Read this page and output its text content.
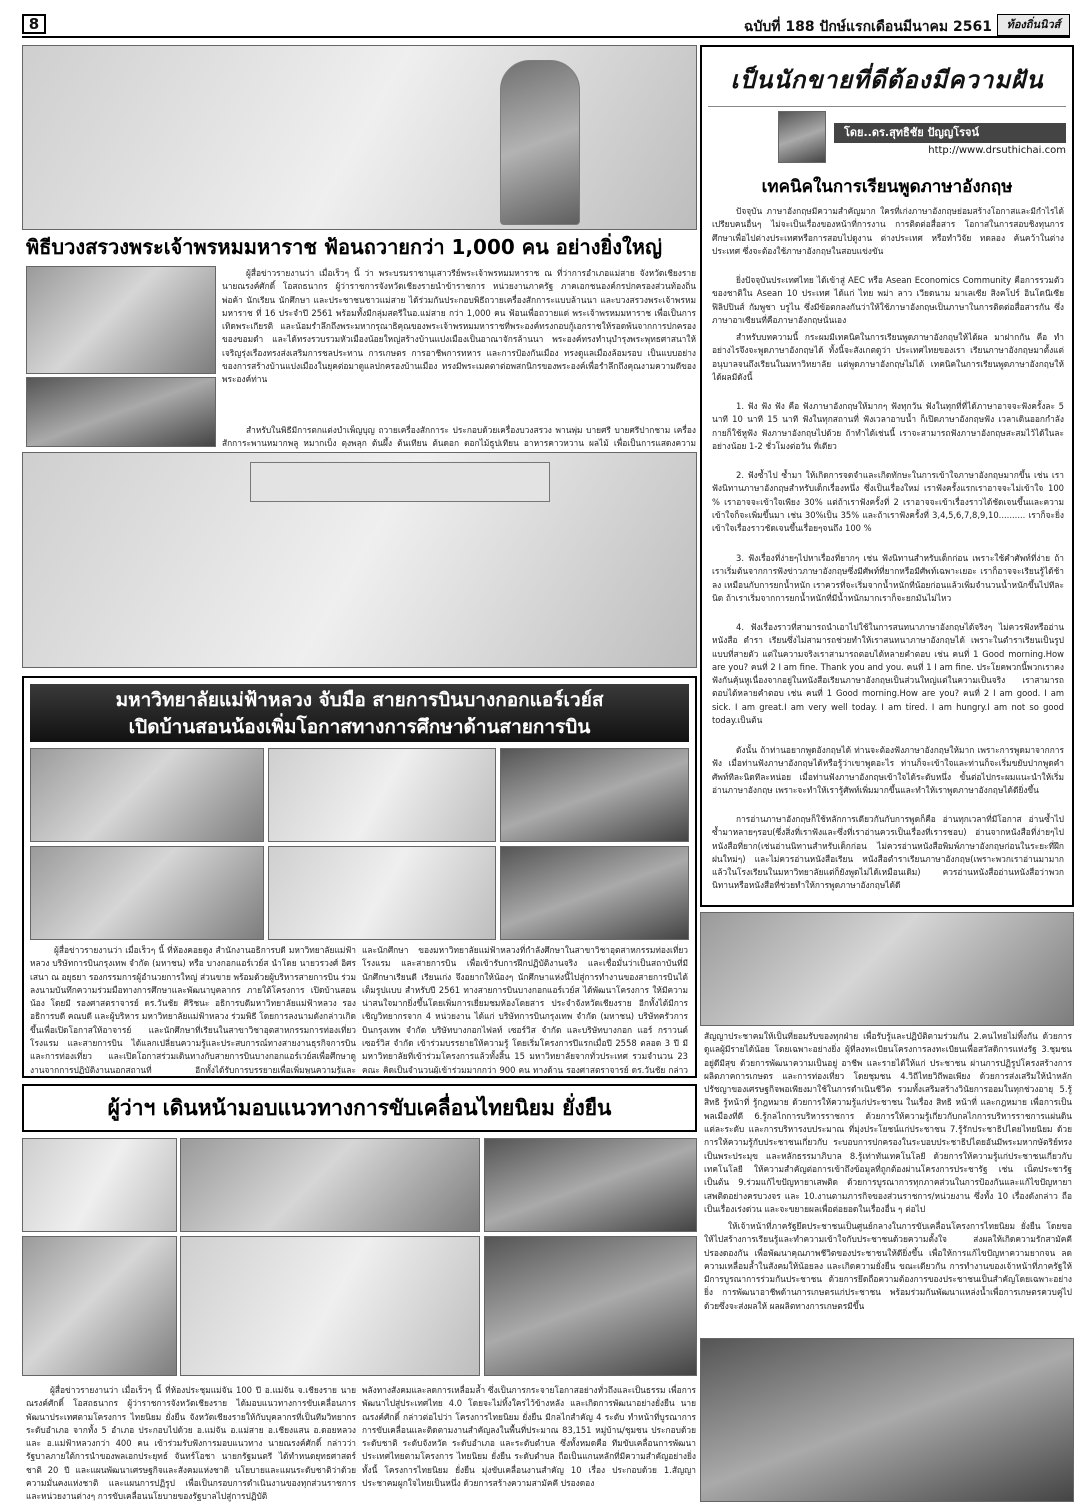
8	ฉบับที่ 188 ปักษ์แรกเดือนมีนาคม 2561	ท้องถิ่นนิวส์
พิธีบวงสรวงพระเจ้าพรหมมหาราช ฟ้อนถวายกว่า 1,000 คน อย่างยิ่งใหญ่
ผู้สื่อข่าวรายงานว่า เมื่อเร็วๆ นี้ ว่า พระบรมราชานุเสาวรีย์พระเจ้าพรหมมหาราช ณ ที่ว่าการอำเภอแม่สาย จังหวัดเชียงราย นายณรงค์ศักดิ์ โอสถธนากร ผู้ว่าราชการจังหวัดเชียงรายนำข้าราชการ หน่วยงานภาครัฐ ภาคเอกชนองค์กรปกครองส่วนท้องถิ่น พ่อค้า นักเรียน นักศึกษา และประชาชนชาวแม่สาย ได้ร่วมกันประกอบพิธีถวายเครื่องสักการะแบบล้านนา และบวงสรวงพระเจ้าพรหมมหาราช ที่ 16 ประจำปี 2561 พร้อมทั้งมีกลุ่มสตรีในอ.แม่สาย กว่า 1,000 คน ฟ้อนเพื่อถวายแด่ พระเจ้าพรหมมหาราช เพื่อเป็นการเทิดพระเกียรติ และน้อมรำลึกถึงพระมหากรุณาธิคุณของพระเจ้าพรหมมหาราชที่พระองค์ทรงกอบกู้เอกราชให้รอดพ้นจากการปกครองของขอมดำ และได้ทรงรวบรวมหัวเมืองน้อยใหญ่สร้างบ้านแปงเมืองเป็นอาณาจักรล้านนา พระองค์ทรงทำนุบำรุงพระพุทธศาสนาให้เจริญรุ่งเรืองทรงส่งเสริมการชลประทาน การเกษตร การอาชีพการทหาร และการป้องกันเมือง ทรงดูแลเมืองล้อมรอบ เป็นแบบอย่างของการสร้างบ้านแปงเมืองในยุคต่อมาดูแลปกครองบ้านเมือง ทรงมีพระเมตตาต่อพสกนิกรของพระองค์เพื่อรำลึกถึงคุณงามความดีของพระองค์ท่าน
สำหรับในพิธีมีการตกแต่งบำเพ็ญบุญ ถวายเครื่องสักการะ ประกอบด้วยเครื่องบวงสรวง พานพุ่ม บายศรี บายศรีปากชาม เครื่องสักการะพานหมากพลู หมากเบ็ง ตุงพลุก ต้นผึ้ง ต้นเทียน ต้นดอก ดอกไม้ธูปเทียน อาหารคาวหวาน ผลไม้ เพื่อเป็นการแสดงความ
เป็นนักขายที่ดีต้องมีความฝัน
โดย..ดร.สุทธิชัย ปัญญโรจน์
http://www.drsuthichai.com
เทคนิคในการเรียนพูดภาษาอังกฤษ
ปัจจุบัน ภาษาอังกฤษมีความสำคัญมาก ใครที่เก่งภาษาอังกฤษย่อมสร้างโอกาสและมีกำไรได้เปรียบคนอื่นๆ ไม่จะเป็นเรื่องของหน้าที่การงาน การติดต่อสื่อสาร โอกาสในการสอบชิงทุนการศึกษาเพื่อไปต่างประเทศหรือการสอบไปดูงาน ต่างประเทศ หรือทำวิจัย ทดลอง ค้นคว้าในต่างประเทศ ซึ่งจะต้องใช้ภาษาอังกฤษในสอบแข่งขัน
ยิ่งปัจจุบันประเทศไทย ได้เข้าสู่ AEC หรือ Asean Economics Community คือการรวมตัวของชาติใน Asean 10 ประเทศ ได้แก่ ไทย พม่า ลาว เวียดนาม มาเลเซีย สิงคโปร์ อินโดนีเซีย ฟิลิปปินส์ กัมพูชา บรูไน ซึ่งมีข้อตกลงกันว่าให้ใช้ภาษาอังกฤษเป็นภาษาในการติดต่อสื่อสารกัน ซึ่งภาษาอาเซียนที่คือภาษาอังกฤษนั่นเอง
สำหรับบทความนี้ กระผมมีเทคนิคในการเรียนพูดภาษาอังกฤษให้ได้ผล มาฝากกัน คือ ทำอย่างไรจึงจะพูดภาษาอังกฤษได้ ทั้งนี้จะสังเกตดูว่า ประเทศไทยของเรา เรียนภาษาอังกฤษมาตั้งแต่อนุบาลจนถึงเรียนในมหาวิทยาลัย แต่พูดภาษาอังกฤษไม่ได้ เทคนิคในการเรียนพูดภาษาอังกฤษให้ได้ผลมีดังนี้
1. ฟัง ฟัง ฟัง คือ ฟังภาษาอังกฤษให้มากๆ ฟังทุกวัน ฟังในทุกที่ที่ได้ภาษาอาจจะฟังครั้งละ 5 นาที 10 นาที 15 นาที ฟังในทุกสถานที่ ฟังเวลาอาบน้ำ ก็เปิดภาษาอังกฤษฟัง เวลาเดินออกกำลังกายก็ใช้หูฟัง ฟังภาษาอังกฤษไปด้วย ถ้าทำได้เช่นนี้ เราจะสามารถฟังภาษาอังกฤษสะสมไว้ได้ในละอย่างน้อย 1-2 ชั่วโมงต่อวัน ที่เดียว
2. ฟังซ้ำไป ซ้ำมา ให้เกิดการจดจำและเกิดทักษะในการเข้าใจภาษาอังกฤษมากขึ้น เช่น เราฟังนิทานภาษาอังกฤษสำหรับเด็กเรื่องหนึ่ง ซึ่งเป็นเรื่องใหม่ เราฟังครั้งแรกเราอาจจะไม่เข้าใจ 100 % เราอาจจะเข้าใจเพียง 30% แต่ถ้าเราฟังครั้งที่ 2 เราอาจจะเข้าเรื่องราวได้ชัดเจนขึ้นและความเข้าใจก็จะเพิ่มขึ้นมา เช่น 30%เป็น 35% และถ้าเราฟังครั้งที่ 3,4,5,6,7,8,9,10.......... เราก็จะยิ่งเข้าใจเรื่องราวชัดเจนขึ้นเรื่อยๆจนถึง 100 %
3. ฟังเรื่องที่ง่ายๆไปหาเรื่องที่ยากๆ เช่น ฟังนิทานสำหรับเด็กก่อน เพราะใช้คำศัพท์ที่ง่าย ถ้าเราเริ่มต้นจากการฟังข่าวภาษาอังกฤษซึ่งมีศัพท์ที่ยากหรือมีศัพท์เฉพาะเยอะ เราก็อาจจะเรียนรู้ได้ช้าลง เหมือนกับการยกน้ำหนัก เราควรที่จะเริ่มจากน้ำหนักที่น้อยก่อนแล้วเพิ่มจำนวนน้ำหนักขึ้นไปทีละนิด ถ้าเราเริ่มจากการยกน้ำหนักที่มีน้ำหนักมากเราก็จะยกมันไม่ไหว
4. ฟังเรื่องราวที่สามารถนำเอาไปใช้ในการสนทนาภาษาอังกฤษได้จริงๆ ไม่ควรฟังหรืออ่านหนังสือ ตำรา เรียนซึ่งไม่สามารถช่วยทำให้เราสนทนาภาษาอังกฤษได้ เพราะในตำราเรียนเป็นรูปแบบที่สายตัว แต่ในความจริงเราสามารถตอบได้หลายคำตอบ เช่น คนที่ 1 Good morning.How are you? คนที่ 2 I am fine. Thank you and you. คนที่ 1 I am fine. ประโยคพวกนี้พวกเราคงฟังกันคุ้นหูเนื่องจากอยู่ในหนังสือเรียนภาษาอังกฤษเป็นส่วนใหญ่แต่ในความเป็นจริง เราสามารถตอบได้หลายคำตอบ เช่น คนที่ 1 Good morning.How are you? คนที่ 2 I am good. I am sick. I am great.I am very well today. I am tired. I am hungry.I am not so good today.เป็นต้น
ดังนั้น ถ้าท่านอยากพูดอังกฤษได้ ท่านจะต้องฟังภาษาอังกฤษให้มาก เพราะการพูดมาจากการฟัง เมื่อท่านฟังภาษาอังกฤษได้หรือรู้ว่าเขาพูดอะไร ท่านก็จะเข้าใจและท่านก็จะเริ่มขยับปากพูดคำศัพท์ทีละนิดทีละหน่อย เมื่อท่านฟังภาษาอังกฤษเข้าใจได้ระดับหนึ่ง ขั้นต่อไปกระผมแนะนำให้เริ่มอ่านภาษาอังกฤษ เพราะจะทำให้เรารู้ศัพท์เพิ่มมากขึ้นและทำให้เราพูดภาษาอังกฤษได้ดียิ่งขึ้น
การอ่านภาษาอังกฤษก็ใช้หลักการเดียวกันกับการพูดก็คือ อ่านทุกเวลาที่มีโอกาส อ่านซ้ำไปซ้ำมาหลายๆรอบ(ซึ่งสิ่งที่เราฟังและซึ่งที่เราอ่านควรเป็นเรื่องที่เรารชอบ) อ่านจากหนังสือที่ง่ายๆไปหนังสือที่ยาก(เช่นอ่านนิทานสำหรับเด็กก่อน ไม่ควรอ่านหนังสือพิมพ์ภาษาอังกฤษก่อนในระยะที่ฝึกฝนใหม่ๆ) และไม่ควรอ่านหนังสือเรียน หนังสือตำราเรียนภาษาอังกฤษ(เพราะพวกเราอ่านมามากแล้วในโรงเรียนในมหาวิทยาลัยแต่ก็ยังพูดไม่ได้เหมือนเดิม) ควรอ่านหนังสืออ่านหนังสือว่าพวกนิทานหรือหนังสือที่ช่วยทำให้การพูดภาษาอังกฤษได้ดี
มหาวิทยาลัยแม่ฟ้าหลวง จับมือ สายการบินบางกอกแอร์เวย์ส
เปิดบ้านสอนน้องเพิ่มโอกาสทางการศึกษาด้านสายการบิน
ผู้สื่อข่าวรายงานว่า เมื่อเร็วๆ นี้ ที่ห้องคอยดูง สำนักงานอธิการบดี มหาวิทยาลัยแม่ฟ้าหลวง บริษัทการบินกรุงเทพ จำกัด (มหาชน) หรือ บางกอกแอร์เวย์ส นำโดย นายวรวงศ์ อิศรเสนา ณ อยุธยา รองกรรมการผู้อำนวยการใหญ่ ส่วนขาย พร้อมด้วยผู้บริหารสายการบิน ร่วมลงนามบันทึกความร่วมมือทางการศึกษาและพัฒนาบุคลากร ภายใต้โครงการ เปิดบ้านสอนน้อง โดยมี รองศาสตราจารย์ ดร.วันชัย ศิริชนะ อธิการบดีมหาวิทยาลัยแม่ฟ้าหลวง รองอธิการบดี คณบดี และผู้บริหาร มหาวิทยาลัยแม่ฟ้าหลวง ร่วมพิธี โดยการลงนามดังกล่าวเกิดขึ้นเพื่อเปิดโอกาสให้อาจารย์ และนักศึกษาที่เรียนในสาขาวิชาอุตสาหกรรมการท่องเที่ยว โรงแรม และสายการบิน ได้แลกเปลี่ยนความรู้และประสบการณ์ทางสายงานธุรกิจการบินและการท่องเที่ยว และเปิดโอกาสร่วมเดินทางกับสายการบินบางกอกแอร์เวย์สเพื่อศึกษาดูงานจากการปฏิบัติงานนอกสถานที่ อีกทั้งได้รับการบรรยายเพื่อเพิ่มพูนความรู้และ
และนักศึกษา ของมหาวิทยาลัยแม่ฟ้าหลวงที่กำลังศึกษาในสาขาวิชาอุตสาหกรรมท่องเที่ยว โรงแรม และสายการบิน เพื่อเข้ารับการฝึกปฏิบัติงานจริง และเชื่อมั่นว่าเป็นสถาบันที่มีนักศึกษาเรียนดี เรียนเก่ง จึงอยากให้น้องๆ นักศึกษาแห่งนี้ไปสู่การทำงานของสายการบินได้เต็มรูปแบบ สำหรับปี 2561 ทางสายการบินบางกอกแอร์เวย์ส ได้พัฒนาโครงการ ให้มีความน่าสนใจมากยิ่งขึ้นโดยเพิ่มการเยี่ยมชมห้องโดยสาร ประจำจังหวัดเชียงราย อีกทั้งได้มีการเชิญวิทยากรจาก 4 หน่วยงาน ได้แก่ บริษัทการบินกรุงเทพ จำกัด (มหาชน) บริษัทครัวการบินกรุงเทพ จำกัด บริษัทบางกอกไฟลท์ เซอร์วิส จำกัด และบริษัทบางกอก แอร์ กราวนด์ เซอร์วิส จำกัด เข้าร่วมบรรยายให้ความรู้ โดยเริ่มโครงการปีแรกเมื่อปี 2558 ตลอด 3 ปี มีมหาวิทยาลัยที่เข้าร่วมโครงการแล้วทั้งสิ้น 15 มหาวิทยาลัยจากทั่วประเทศ รวมจำนวน 23 คณะ คิดเป็นจำนวนผู้เข้าร่วมมากกว่า 900 คน ทางด้าน รองศาสตราจารย์ ดร.วันชัย กล่าว
ผู้ว่าฯ เดินหน้ามอบแนวทางการขับเคลื่อนไทยนิยม ยั่งยืน
ผู้สื่อข่าวรายงานว่า เมื่อเร็วๆ นี้ ที่ห้องประชุมแม่จัน 100 ปี อ.แม่จัน จ.เชียงราย นายณรงค์ศักดิ์ โอสถธนากร ผู้ว่าราชการจังหวัดเชียงราย ได้มอบแนวทางการขับเคลื่อนการพัฒนาประเทศตามโครงการ ไทยนิยม ยั่งยืน จังหวัดเชียงรายให้กับบุคลากรที่เป็นทีมวิทยากรระดับอำเภอ จากทั้ง 5 อำเภอ ประกอบไปด้วย อ.แม่จัน อ.แม่สาย อ.เชียงแสน อ.ดอยหลวง และ อ.แม่ฟ้าหลวงกว่า 400 คน เข้าร่วมรับฟังการมอบแนวทาง นายณรงค์ศักดิ์ กล่าวว่า รัฐบาลภายใต้การนำของพลเอกประยุทธ์ จันทร์โอชา นายกรัฐมนตรี ได้ทำหนดยุทธศาสตร์ชาติ 20 ปี และแผนพัฒนาเศรษฐกิจและสังคมแห่งชาติ นโยบายและแผนระดับชาติว่าด้วยความมั่นคงแห่งชาติ และแผนการปฏิรูป เพื่อเป็นกรอบการดำเนินงานของทุกส่วนราชการ และหน่วยงานต่างๆ การขับเคลื่อนนโยบายของรัฐบาลไปสู่การปฏิบัติ
พลังทางสังคมและลดการเหลื่อมล้ำ ซึ่งเป็นการกระจายโอกาสอย่างทั่วถึงและเป็นธรรม เพื่อการพัฒนาไปสู่ประเทศไทย 4.0 โดยจะไม่ทิ้งใครไว้ข้างหลัง และเกิดการพัฒนาอย่างยั่งยืน นายณรงค์ศักดิ์ กล่าวต่อไปว่า โครงการไทยนิยม ยั่งยืน มีกลไกสำคัญ 4 ระดับ ทำหน้าที่บูรณาการการขับเคลื่อนและติดตามงานสำคัญลงในพื้นที่ประมาณ 83,151 หมู่บ้าน/ชุมชน ประกอบด้วย ระดับชาติ ระดับจังหวัด ระดับอำเภอ และระดับตำบล ซึ่งทั้งหมดคือ ทีมขับเคลื่อนการพัฒนาประเทศไทยตามโครงการ ไทยนิยม ยั่งยืน ระดับตำบล ถือเป็นแกนหลักที่มีความสำคัญอย่างยิ่ง ทั้งนี้ โครงการไทยนิยม ยั่งยืน มุ่งขับเคลื่อนงานสำคัญ 10 เรื่อง ประกอบด้วย 1.สัญญาประชาคมผูกใจไทยเป็นหนึ่ง ด้วยการสร้างความสามัคคี ปรองดอง
สัญญาประชาคมให้เป็นที่ยอมรับของทุกฝ่าย เพื่อรับรู้และปฏิบัติตามร่วมกัน 2.คนไทยไม่ทิ้งกัน ด้วยการดูแลผู้มีรายได้น้อย โดยเฉพาะอย่างยิ่ง ผู้ที่ลงทะเบียนโครงการลงทะเบียนเพื่อสวัสดิการแห่งรัฐ 3.ชุมชนอยู่ดีมีสุข ด้วยการพัฒนาความเป็นอยู่ อาชีพ และรายได้ให้แก่ ประชาชน ผ่านการปฏิรูปโครงสร้างการผลิตภาคการเกษตร และการท่องเที่ยว โดยชุมชน 4.วิถีไทยวิถีพอเพียง ด้วยการส่งเสริมให้นำหลักปรัชญาของเศรษฐกิจพอเพียงมาใช้ในการดำเนินชีวิต รวมทั้งเสริมสร้างวินัยการออมในทุกช่วงอายุ 5.รู้สิทธิ รู้หน้าที่ รู้กฎหมาย ด้วยการให้ความรู้แก่ประชาชน ในเรื่อง สิทธิ หน้าที่ และกฎหมาย เพื่อการเป็นพลเมืองที่ดี 6.รู้กลไกการบริหารราชการ ด้วยการให้ความรู้เกี่ยวกับกลไกการบริหารราชการแผ่นดินแต่ละระดับ และการบริหารงบประมาณ ที่มุ่งประโยชน์แก่ประชาชน 7.รู้รักประชาธิปไตยไทยนิยม ด้วยการให้ความรู้กับประชาชนเกี่ยวกับ ระบอบการปกครองในระบอบประชาธิปไตยอันมีพระมหากษัตริย์ทรงเป็นพระประมุข และหลักธรรมาภิบาล 8.รู้เท่าทันเทคโนโลยี ด้วยการให้ความรู้แก่ประชาชนเกี่ยวกับเทคโนโลยี ให้ความสำคัญต่อการเข้าถึงข้อมูลที่ถูกต้องผ่านโครงการประชารัฐ เช่น เน็ตประชารัฐ เป็นต้น 9.ร่วมแก้ไขปัญหายาเสพติด ด้วยการบูรณาการทุกภาคส่วนในการป้องกันและแก้ไขปัญหายาเสพติดอย่างครบวงจร และ 10.งานตามภารกิจของส่วนราชการ/หน่วยงาน ซึ่งทั้ง 10 เรื่องดังกล่าว ถือเป็นเรื่องเร่งด่วน และจะขยายผลเพื่อต่อยอดในเรื่องอื่น ๆ ต่อไป
ให้เจ้าหน้าที่ภาครัฐยึดประชาชนเป็นศูนย์กลางในการขับเคลื่อนโครงการไทยนิยม ยั่งยืน โดยขอให้ไปสร้างการเรียนรู้และทำความเข้าใจกับประชาชนด้วยความตั้งใจ ส่งผลให้เกิดความรักสามัคคีปรองดองกัน เพื่อพัฒนาคุณภาพชีวิตของประชาชนให้ดียิ่งขึ้น เพื่อให้การแก้ไขปัญหาความยากจน ลดความเหลื่อมล้ำในสังคมให้น้อยลง และเกิดความยั่งยืน ขณะเดียวกัน การทำงานของเจ้าหน้าที่ภาครัฐให้มีการบูรณาการร่วมกันประชาชน ด้วยการยึดถือความต้องการของประชาชนเป็นสำคัญโดยเฉพาะอย่างยิ่ง การพัฒนาอาชีพด้านการเกษตรแก่ประชาชน พร้อมร่วมกันพัฒนาแหล่งน้ำเพื่อการเกษตรควบคู่ไปด้วยซึ่งจะส่งผลให้ ผลผลิตทางการเกษตรมีขึ้น
